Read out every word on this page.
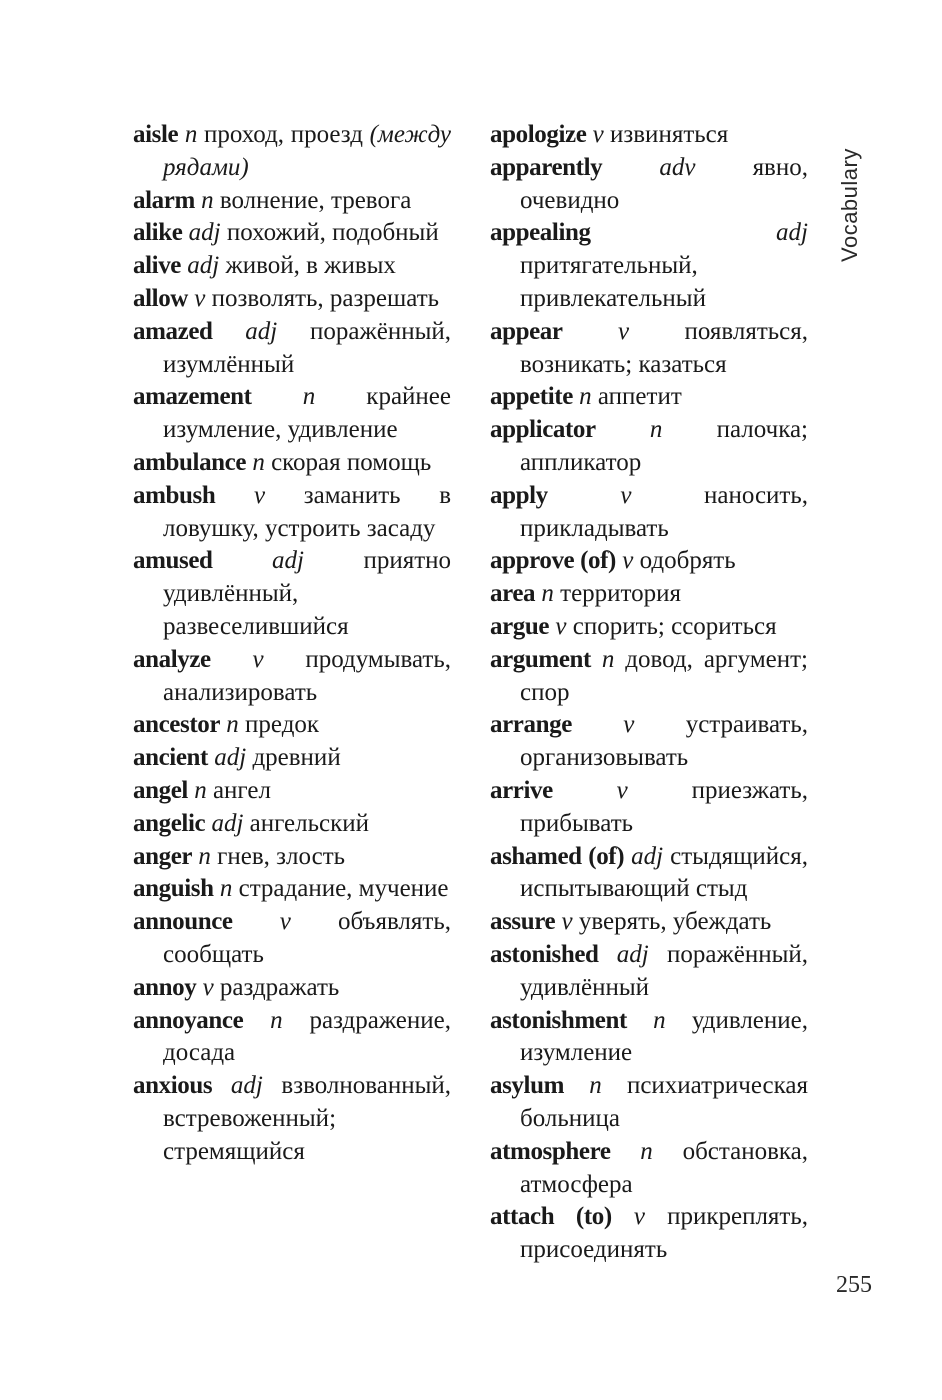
aisle n проход, проезд (между рядами)

alarm n волнение, тревога

alike adj похожий, подобный

alive adj живой, в живых

allow v позволять, разрешать

amazed adj поражённый, изумлённый

amazement n крайнее изумление, удивление

ambulance n скорая помощь

ambush v заманить в ловушку, устроить засаду

amused adj приятно удивлённый, развеселившийся

analyze v продумывать, анализировать

ancestor n предок

ancient adj древний

angel n ангел

angelic adj ангельский

anger n гнев, злость

anguish n страдание, мучение

announce v объявлять, сообщать

annoy v раздражать

annoyance n раздражение, досада

anxious adj взволнованный, встревоженный; стремящийся

apologize v извиняться

apparently adv явно, очевидно

appealing	adj притягательный, привлекательный

appear v появляться, возникать; казаться

appetite n аппетит

applicator n палочка; аппликатор

apply	v	наносить, прикладывать

approve (of) v одобрять

area n территория

argue v спорить; ссориться

argument n довод, аргумент; спор

arrange v устраивать, организовывать

arrive	v	приезжать, прибывать

ashamed (of) adj стыдящийся, испытывающий стыд

assure v уверять, убеждать

astonished adj поражённый, удивлённый

astonishment n удивление, изумление

asylum n психиатрическая больница

atmosphere n обстановка, атмосфера

attach (to) v прикреплять, присоединять

Vocabulary
255
